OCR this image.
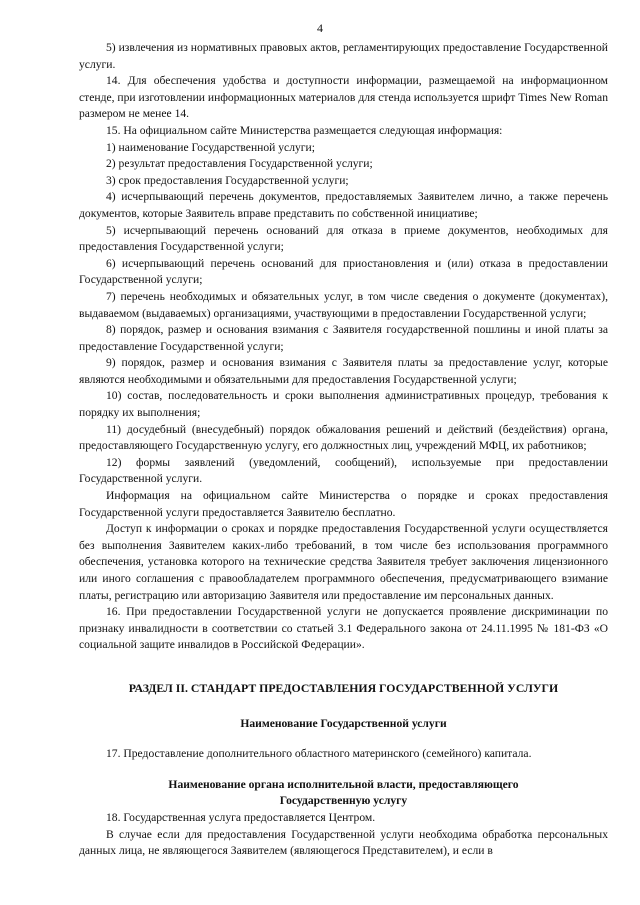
4

5) извлечения из нормативных правовых актов, регламентирующих предоставление Государственной услуги.

14. Для обеспечения удобства и доступности информации, размещаемой на информационном стенде, при изготовлении информационных материалов для стенда используется шрифт Times New Roman размером не менее 14.

15. На официальном сайте Министерства размещается следующая информация:

1) наименование Государственной услуги;

2) результат предоставления Государственной услуги;

3) срок предоставления Государственной услуги;

4) исчерпывающий перечень документов, предоставляемых Заявителем лично, а также перечень документов, которые Заявитель вправе представить по собственной инициативе;

5) исчерпывающий перечень оснований для отказа в приеме документов, необходимых для предоставления Государственной услуги;

6) исчерпывающий перечень оснований для приостановления и (или) отказа в предоставлении Государственной услуги;

7) перечень необходимых и обязательных услуг, в том числе сведения о документе (документах), выдаваемом (выдаваемых) организациями, участвующими в предоставлении Государственной услуги;

8) порядок, размер и основания взимания с Заявителя государственной пошлины и иной платы за предоставление Государственной услуги;

9) порядок, размер и основания взимания с Заявителя платы за предоставление услуг, которые являются необходимыми и обязательными для предоставления Государственной услуги;

10) состав, последовательность и сроки выполнения административных процедур, требования к порядку их выполнения;

11) досудебный (внесудебный) порядок обжалования решений и действий (бездействия) органа, предоставляющего Государственную услугу, его должностных лиц, учреждений МФЦ, их работников;

12) формы заявлений (уведомлений, сообщений), используемые при предоставлении Государственной услуги.

Информация на официальном сайте Министерства о порядке и сроках предоставления Государственной услуги предоставляется Заявителю бесплатно.

Доступ к информации о сроках и порядке предоставления Государственной услуги осуществляется без выполнения Заявителем каких-либо требований, в том числе без использования программного обеспечения, установка которого на технические средства Заявителя требует заключения лицензионного или иного соглашения с правообладателем программного обеспечения, предусматривающего взимание платы, регистрацию или авторизацию Заявителя или предоставление им персональных данных.

16. При предоставлении Государственной услуги не допускается проявление дискриминации по признаку инвалидности в соответствии со статьей 3.1 Федерального закона от 24.11.1995 № 181-ФЗ «О социальной защите инвалидов в Российской Федерации».

РАЗДЕЛ II. СТАНДАРТ ПРЕДОСТАВЛЕНИЯ ГОСУДАРСТВЕННОЙ УСЛУГИ

Наименование Государственной услуги

17. Предоставление дополнительного областного материнского (семейного) капитала.

Наименование органа исполнительной власти, предоставляющего Государственную услугу

18. Государственная услуга предоставляется Центром.

В случае если для предоставления Государственной услуги необходима обработка персональных данных лица, не являющегося Заявителем (являющегося Представителем), и если в
